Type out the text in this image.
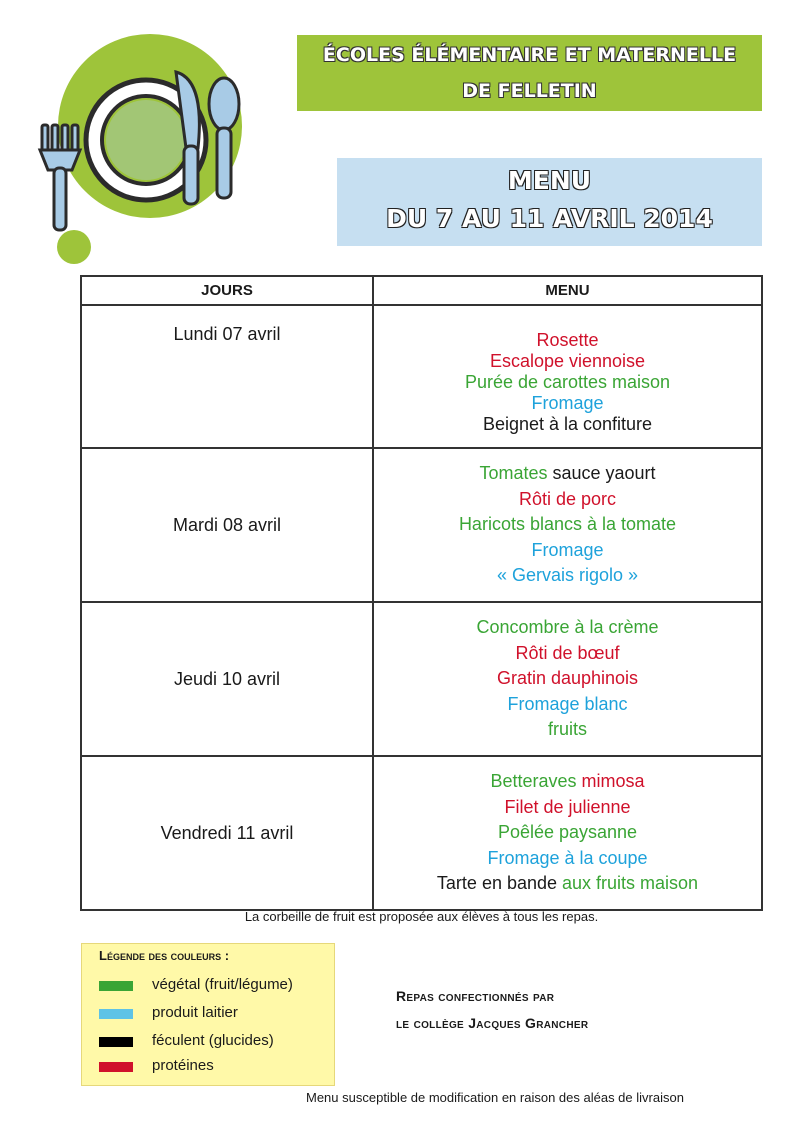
ÉCOLES ÉLÉMENTAIRE ET MATERNELLE
DE FELLETIN
MENU
DU 7 AU 11 AVRIL 2014
JOURS	MENU
Lundi 07 avril	Rosette
Escalope viennoise
Purée de carottes maison
Fromage
Beignet à la confiture

Mardi 08 avril	Tomates sauce yaourt
Rôti de porc
Haricots blancs à la tomate
Fromage
« Gervais rigolo »

Jeudi 10 avril	Concombre à la crème
Rôti de bœuf
Gratin dauphinois
Fromage blanc
fruits

Vendredi 11 avril	Betteraves mimosa
Filet de julienne
Poêlée paysanne
Fromage à la coupe
Tarte en bande aux fruits maison
La corbeille de fruit est proposée aux élèves à tous les repas.
Légende des couleurs :
végétal (fruit/légume)
produit laitier
féculent (glucides)
protéines
Repas confectionnés par
le collège Jacques Grancher
Menu susceptible de modification en raison des aléas de livraison
